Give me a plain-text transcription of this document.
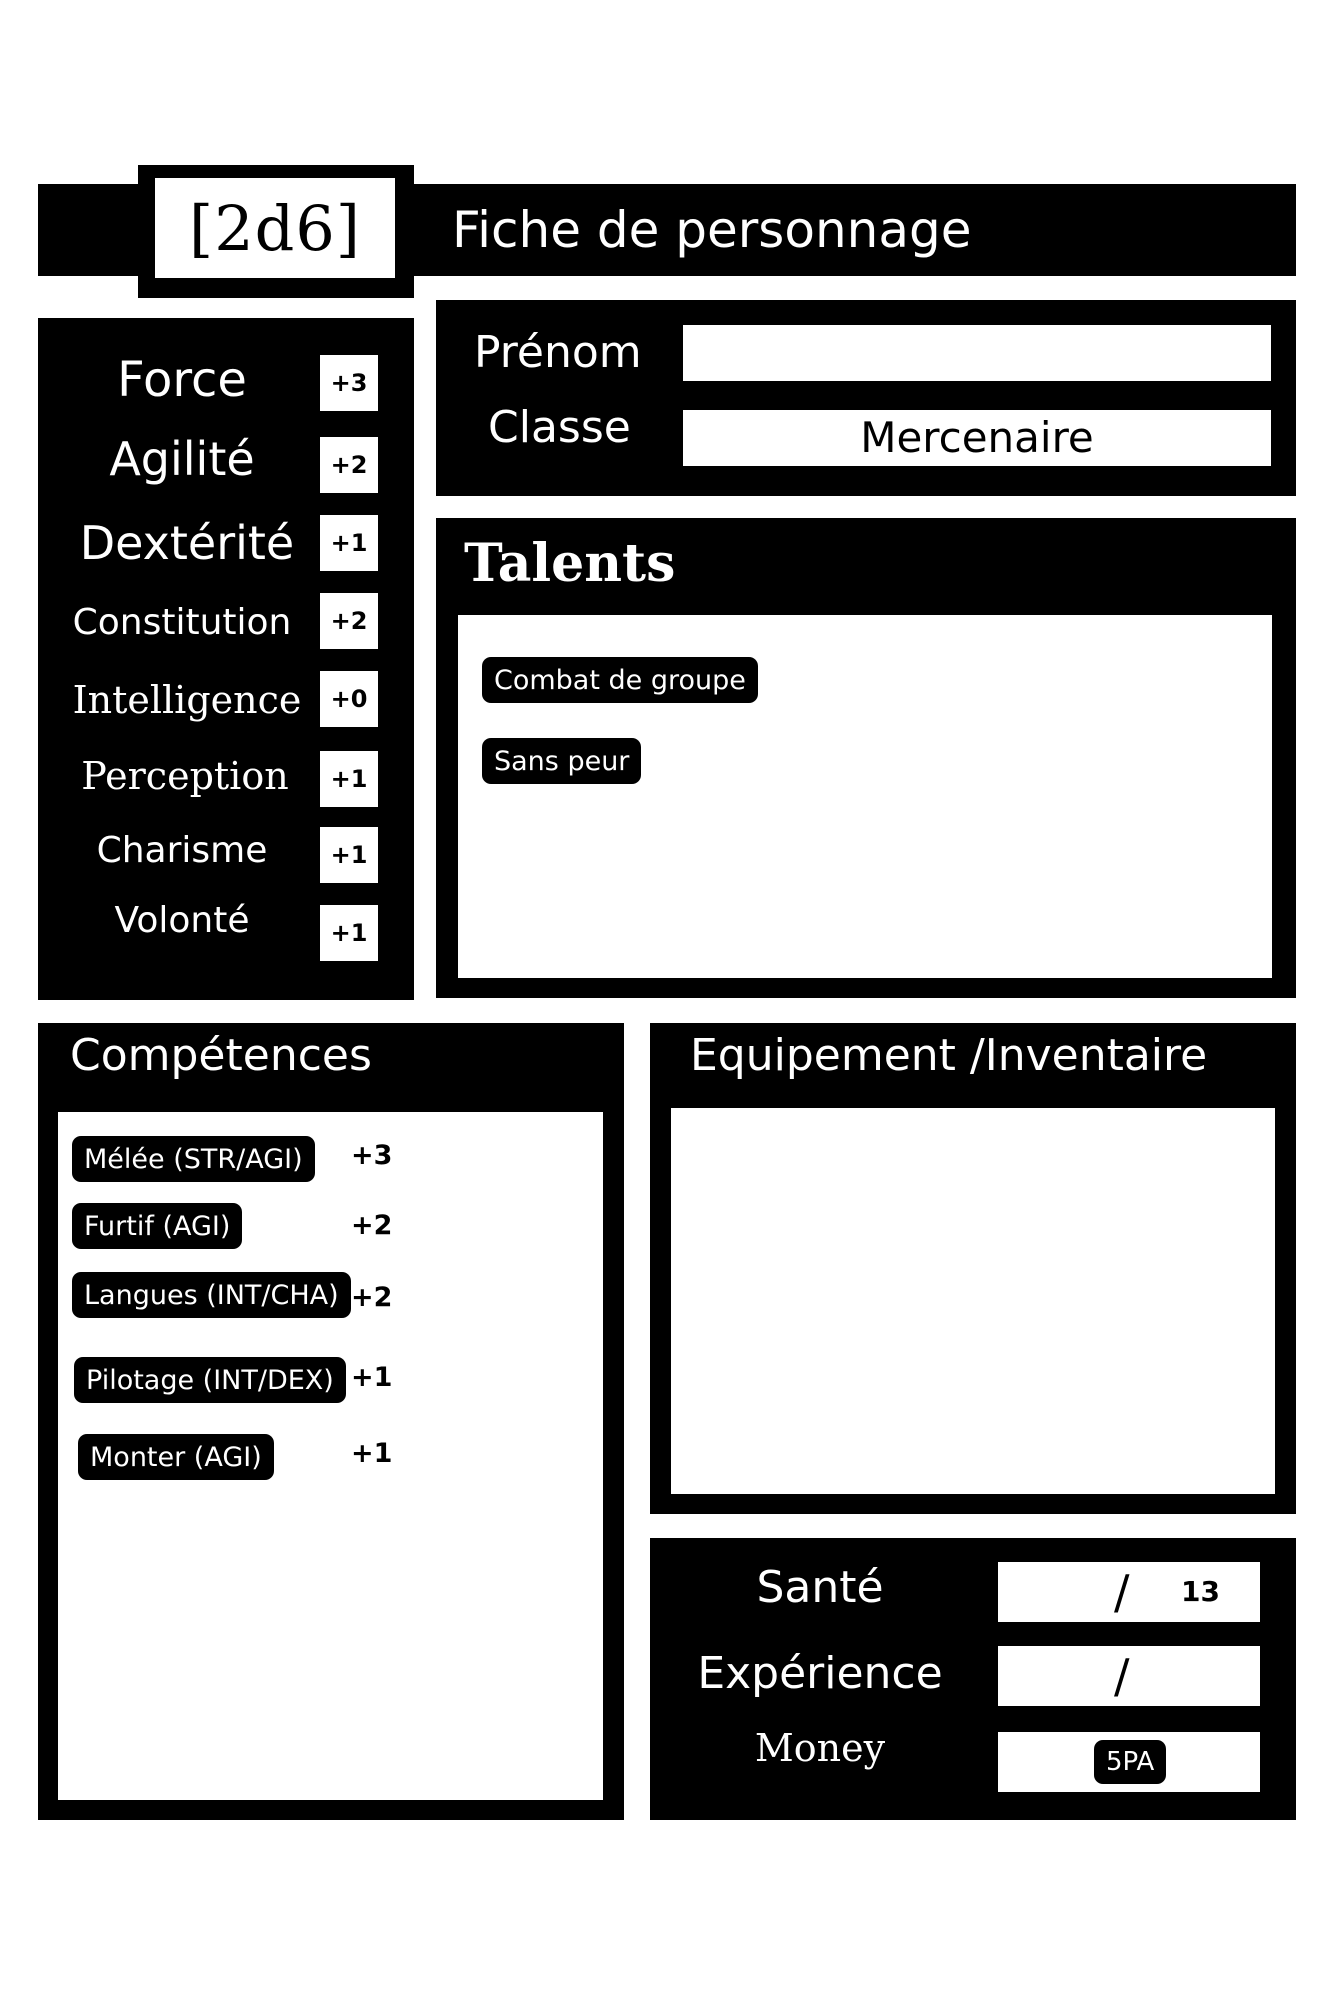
[2d6]	Fiche de personnage
Force	+3
Agilité	+2
Dextérité	+1
Constitution	+2
Intelligence	+0
Perception	+1
Charisme	+1
Volonté	+1
Prénom
Classe	Mercenaire
Talents
Combat de groupe
Sans peur
Compétences
Mélée (STR/AGI)	+3
Furtif (AGI)	+2
Langues (INT/CHA) +2
Pilotage (INT/DEX) +1
Monter (AGI)	+1
Equipement /Inventaire
Santé	/ 13
Expérience	/
Money	5PA
